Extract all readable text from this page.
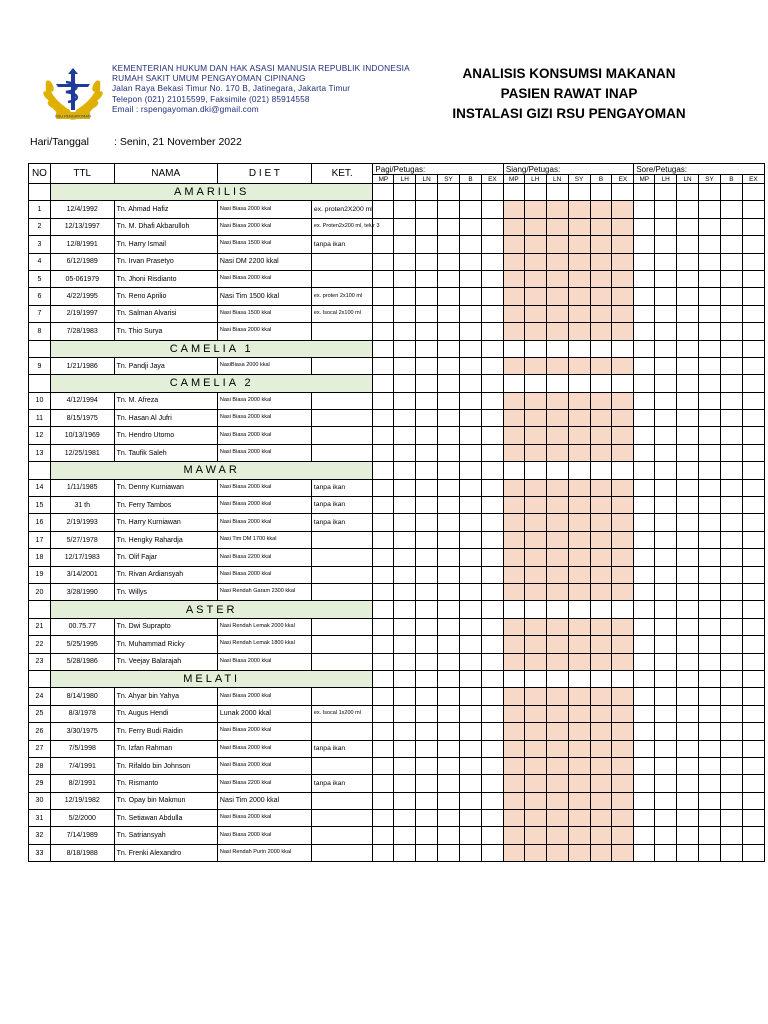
RSU PENGAYOMAN
KEMENTERIAN HUKUM DAN HAK ASASI MANUSIA REPUBLIK INDONESIA
RUMAH SAKIT UMUM PENGAYOMAN CIPINANG
Jalan Raya Bekasi Timur No. 170 B, Jatinegara, Jakarta Timur
Telepon (021) 21015599, Faksimile (021) 85914558
Email : rspengayoman.dki@gmail.com
ANALISIS KONSUMSI MAKANAN
PASIEN RAWAT INAP
INSTALASI GIZI RSU PENGAYOMAN
Hari/Tanggal : Senin, 21 November 2022
NO	TTL	NAMA	D I E T	KET.	Pagi/Petugas:						Siang/Petugas:						Sore/Petugas:					
					MP	LH	LN	SY	B	EX	MP	LH	LN	SY	B	EX	MP	LH	LN	SY	B	EX
	AMARILIS																					
1	12/4/1992	Tn. Ahmad Hafiz	Nasi Biasa 2000 kkal	ex. proten2X200 ml																		
2	12/13/1997	Tn. M. Dhafi Akbarulloh	Nasi Biasa 2000 kkal	ex. Proten2x200 ml, telur 3																		
3	12/8/1991	Tn. Harry Ismail	Nasi Biasa 1500 kkal	tanpa ikan																		
4	6/12/1989	Tn. Irvan Prasetyo	Nasi DM 2200 kkal																			
5	05-061979	Tn. Jhoni Risdianto	Nasi Biasa 2000 kkal																			
6	4/22/1995	Tn. Reno Aprilio	Nasi Tim 1500 kkal	ex. proten 2x100 ml																		
7	2/19/1997	Tn. Salman Alvarisi	Nasi Biasa 1500 kkal	ex. Isocal 2x100 ml																		
8	7/28/1983	Tn. Thio Surya	Nasi Biasa 2000 kkal																			
	CAMELIA 1																					
9	1/21/1986	Tn. Pandji Jaya	NasiBiasa 2000 kkal																			
	CAMELIA 2																					
10	4/12/1994	Tn. M. Afreza	Nasi Biasa 2000 kkal																			
11	8/15/1975	Tn. Hasan Al Jufri	Nasi Biasa 2000 kkal																			
12	10/13/1969	Tn. Hendro Utomo	Nasi Biasa 2000 kkal																			
13	12/25/1981	Tn. Taufik Saleh	Nasi Biasa 2000 kkal																			
	MAWAR																					
14	1/11/1985	Tn. Denny Kurniawan	Nasi Biasa 2000 kkal	tanpa ikan																		
15	31 th	Tn. Ferry Tambos	Nasi Biasa 2000 kkal	tanpa ikan																		
16	2/19/1993	Tn. Harry Kurniawan	Nasi Biasa 2000 kkal	tanpa ikan																		
17	5/27/1978	Tn. Hengky Rahardja	Nasi Tim DM 1700 kkal																			
18	12/17/1983	Tn. Olif Fajar	Nasi Biasa 2200 kkal																			
19	3/14/2001	Tn. Rivan Ardiansyah	Nasi Biasa 2000 kkal																			
20	3/28/1990	Tn. Willys	Nasi Rendah Garam 2300 kkal																			
	ASTER																					
21	00.75.77	Tn. Dwi Suprapto	Nasi Rendah Lemak 2000 kkal																			
22	5/25/1995	Tn. Muhammad Ricky	Nasi Rendah Lemak 1800 kkal																			
23	5/28/1986	Tn. Veejay Balarajah	Nasi Biasa 2000 kkal																			
	MELATI																					
24	8/14/1980	Tn. Ahyar bin Yahya	Nasi Biasa 2000 kkal																			
25	8/3/1978	Tn. Augus Hendi	Lunak 2000 kkal	ex. Isocal 1x200 ml																		
26	3/30/1975	Tn. Ferry Budi Raidin	Nasi Biasa 2000 kkal																			
27	7/5/1998	Tn. Izfan Rahman	Nasi Biasa 2000 kkal	tanpa ikan																		
28	7/4/1991	Tn. Rifaldo bin Johnson	Nasi Biasa 2000 kkal																			
29	8/2/1991	Tn. Rismanto	Nasi Biasa 2200 kkal	tanpa ikan																		
30	12/19/1982	Tn. Opay bin Makmun	Nasi Tim 2000 kkal																			
31	5/2/2000	Tn. Setiawan Abdulla	Nasi Biasa 2000 kkal																			
32	7/14/1989	Tn. Satriansyah	Nasi Biasa 2000 kkal																			
33	8/18/1988	Tn. Frenki Alexandro	Nasi Rendah Purin 2000 kkal																			
